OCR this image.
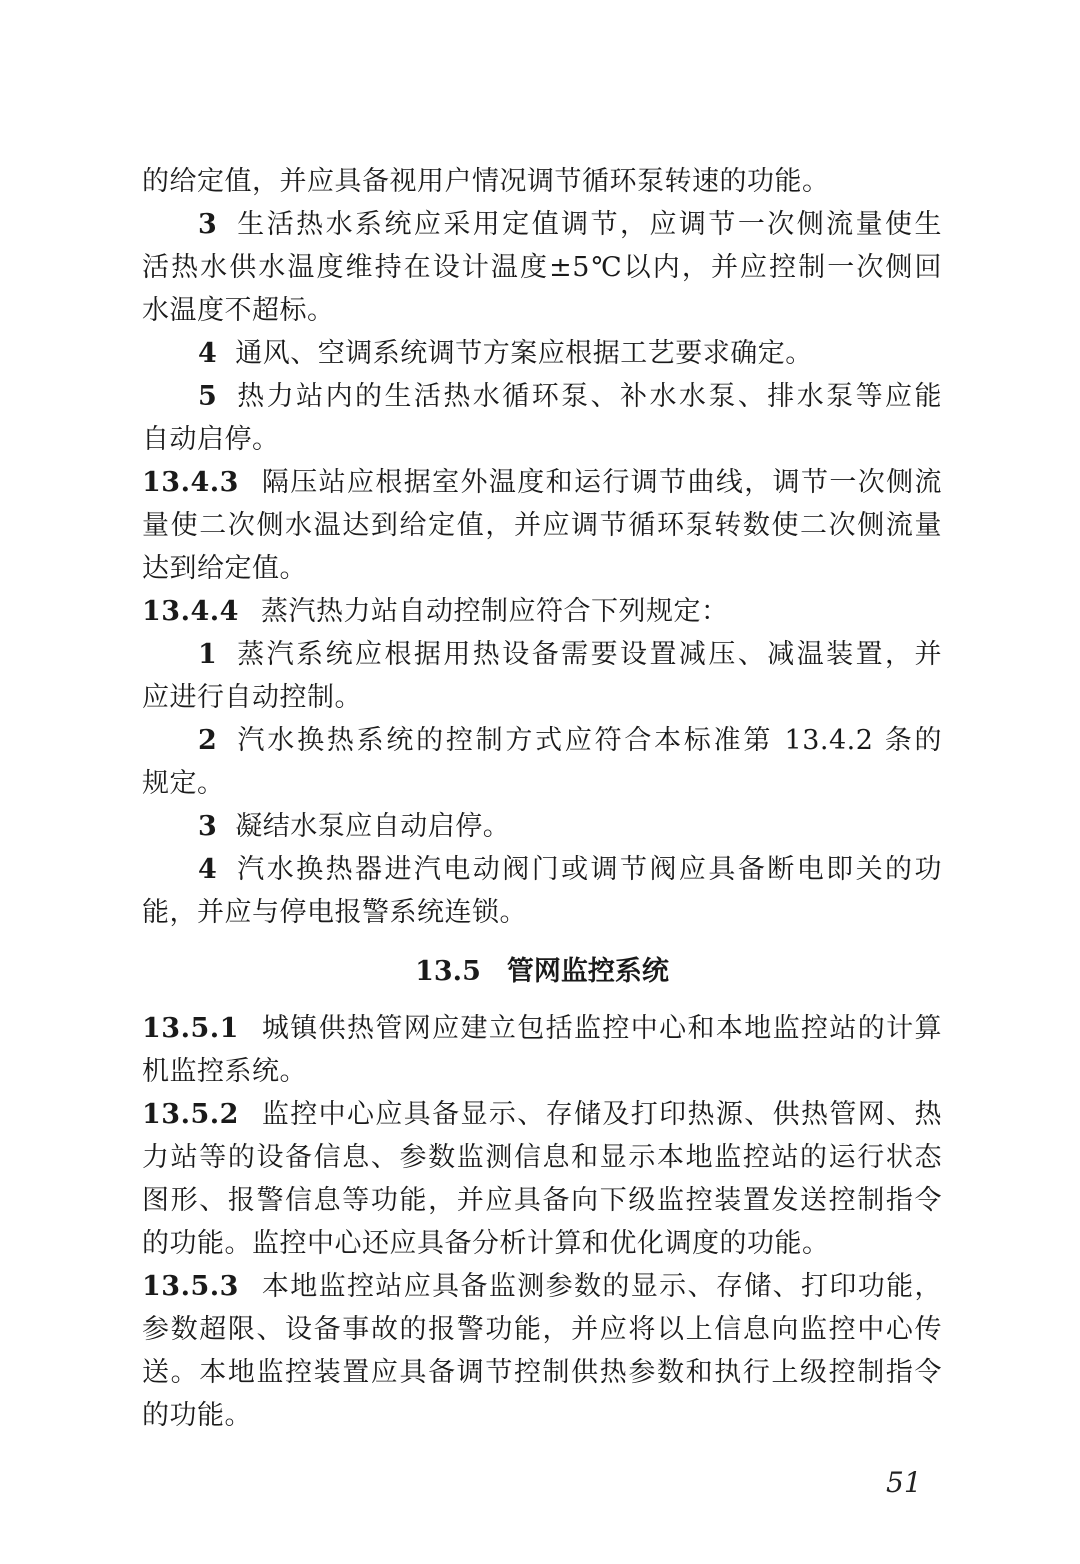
的给定值，并应具备视用户情况调节循环泵转速的功能。
3 生活热水系统应采用定值调节，应调节一次侧流量使生
活热水供水温度维持在设计温度±5℃以内，并应控制一次侧回
水温度不超标。
4 通风、空调系统调节方案应根据工艺要求确定。
5 热力站内的生活热水循环泵、补水水泵、排水泵等应能
自动启停。
13.4.3 隔压站应根据室外温度和运行调节曲线，调节一次侧流
量使二次侧水温达到给定值，并应调节循环泵转数使二次侧流量
达到给定值。
13.4.4 蒸汽热力站自动控制应符合下列规定：
1 蒸汽系统应根据用热设备需要设置减压、减温装置，并
应进行自动控制。
2 汽水换热系统的控制方式应符合本标准第 13.4.2 条的
规定。
3 凝结水泵应自动启停。
4 汽水换热器进汽电动阀门或调节阀应具备断电即关的功
能，并应与停电报警系统连锁。
13.5 管网监控系统
13.5.1 城镇供热管网应建立包括监控中心和本地监控站的计算
机监控系统。
13.5.2 监控中心应具备显示、存储及打印热源、供热管网、热
力站等的设备信息、参数监测信息和显示本地监控站的运行状态
图形、报警信息等功能，并应具备向下级监控装置发送控制指令
的功能。监控中心还应具备分析计算和优化调度的功能。
13.5.3 本地监控站应具备监测参数的显示、存储、打印功能，
参数超限、设备事故的报警功能，并应将以上信息向监控中心传
送。本地监控装置应具备调节控制供热参数和执行上级控制指令
的功能。
51
